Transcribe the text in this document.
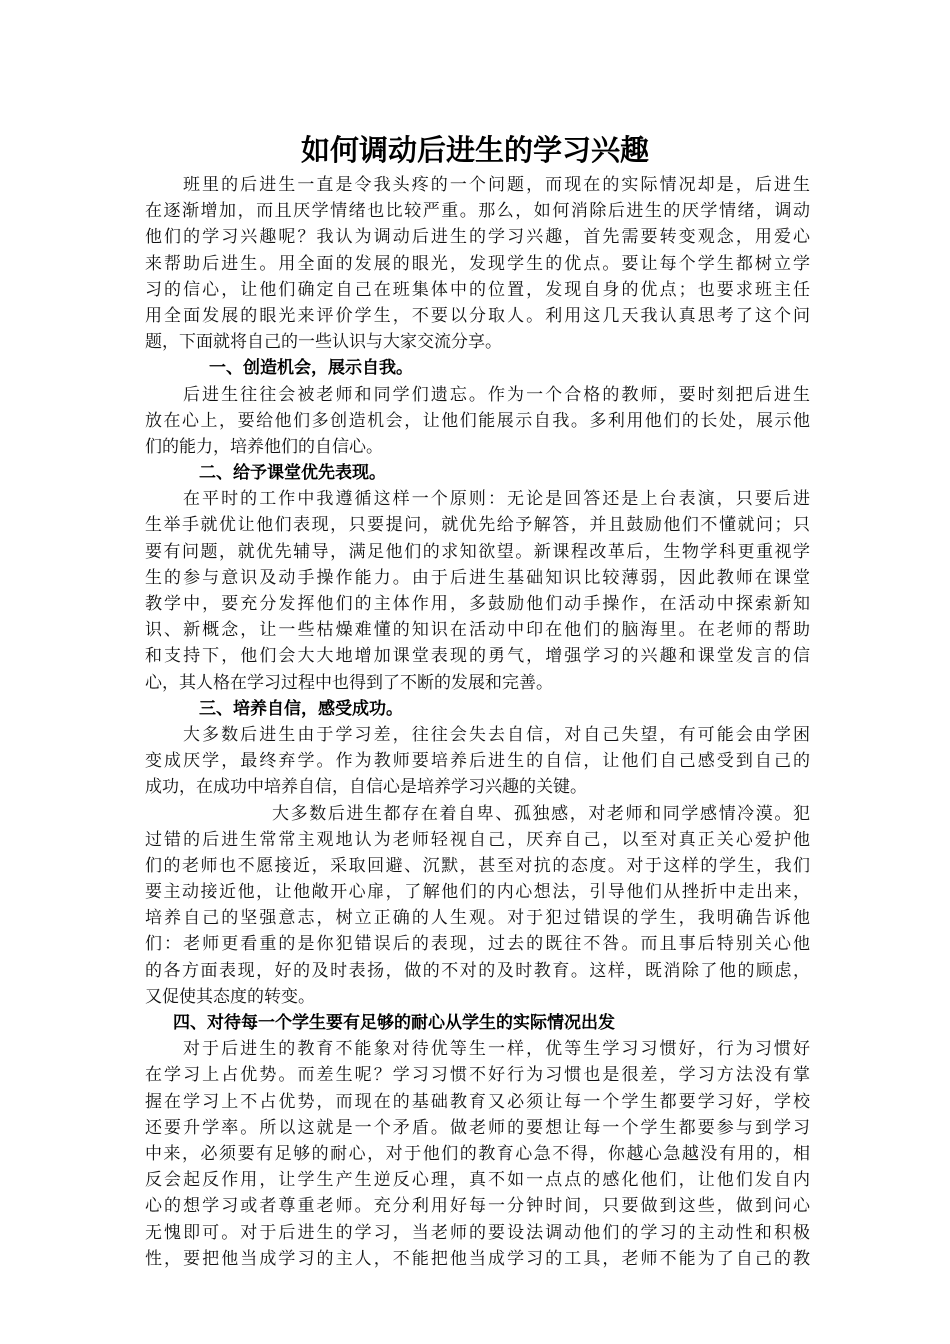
如何调动后进生的学习兴趣
班里的后进生一直是令我头疼的一个问题，而现在的实际情况却是，后进生
在逐渐增加，而且厌学情绪也比较严重。那么，如何消除后进生的厌学情绪，调动
他们的学习兴趣呢？我认为调动后进生的学习兴趣，首先需要转变观念，用爱心
来帮助后进生。用全面的发展的眼光，发现学生的优点。要让每个学生都树立学
习的信心，让他们确定自己在班集体中的位置，发现自身的优点；也要求班主任
用全面发展的眼光来评价学生，不要以分取人。利用这几天我认真思考了这个问
题，下面就将自己的一些认识与大家交流分享。
一、创造机会，展示自我。
后进生往往会被老师和同学们遗忘。作为一个合格的教师，要时刻把后进生
放在心上，要给他们多创造机会，让他们能展示自我。多利用他们的长处，展示他
们的能力，培养他们的自信心。
二、给予课堂优先表现。
在平时的工作中我遵循这样一个原则：无论是回答还是上台表演，只要后进
生举手就优让他们表现，只要提问，就优先给予解答，并且鼓励他们不懂就问；只
要有问题，就优先辅导，满足他们的求知欲望。新课程改革后，生物学科更重视学
生的参与意识及动手操作能力。由于后进生基础知识比较薄弱，因此教师在课堂
教学中，要充分发挥他们的主体作用，多鼓励他们动手操作，在活动中探索新知
识、新概念，让一些枯燥难懂的知识在活动中印在他们的脑海里。在老师的帮助
和支持下，他们会大大地增加课堂表现的勇气，增强学习的兴趣和课堂发言的信
心，其人格在学习过程中也得到了不断的发展和完善。
三、培养自信，感受成功。
大多数后进生由于学习差，往往会失去自信，对自己失望，有可能会由学困
变成厌学，最终弃学。作为教师要培养后进生的自信，让他们自己感受到自己的
成功，在成功中培养自信，自信心是培养学习兴趣的关键。
大多数后进生都存在着自卑、孤独感，对老师和同学感情冷漠。犯
过错的后进生常常主观地认为老师轻视自己，厌弃自己，以至对真正关心爱护他
们的老师也不愿接近，采取回避、沉默，甚至对抗的态度。对于这样的学生，我们
要主动接近他，让他敞开心扉，了解他们的内心想法，引导他们从挫折中走出来，
培养自己的坚强意志，树立正确的人生观。对于犯过错误的学生，我明确告诉他
们：老师更看重的是你犯错误后的表现，过去的既往不咎。而且事后特别关心他
的各方面表现，好的及时表扬，做的不对的及时教育。这样，既消除了他的顾虑，
又促使其态度的转变。
四、对待每一个学生要有足够的耐心从学生的实际情况出发
对于后进生的教育不能象对待优等生一样，优等生学习习惯好，行为习惯好
在学习上占优势。而差生呢？学习习惯不好行为习惯也是很差，学习方法没有掌
握在学习上不占优势，而现在的基础教育又必须让每一个学生都要学习好，学校
还要升学率。所以这就是一个矛盾。做老师的要想让每一个学生都要参与到学习
中来，必须要有足够的耐心，对于他们的教育心急不得，你越心急越没有用的，相
反会起反作用，让学生产生逆反心理，真不如一点点的感化他们，让他们发自内
心的想学习或者尊重老师。充分利用好每一分钟时间，只要做到这些，做到问心
无愧即可。对于后进生的学习，当老师的要设法调动他们的学习的主动性和积极
性，要把他当成学习的主人，不能把他当成学习的工具，老师不能为了自己的教
